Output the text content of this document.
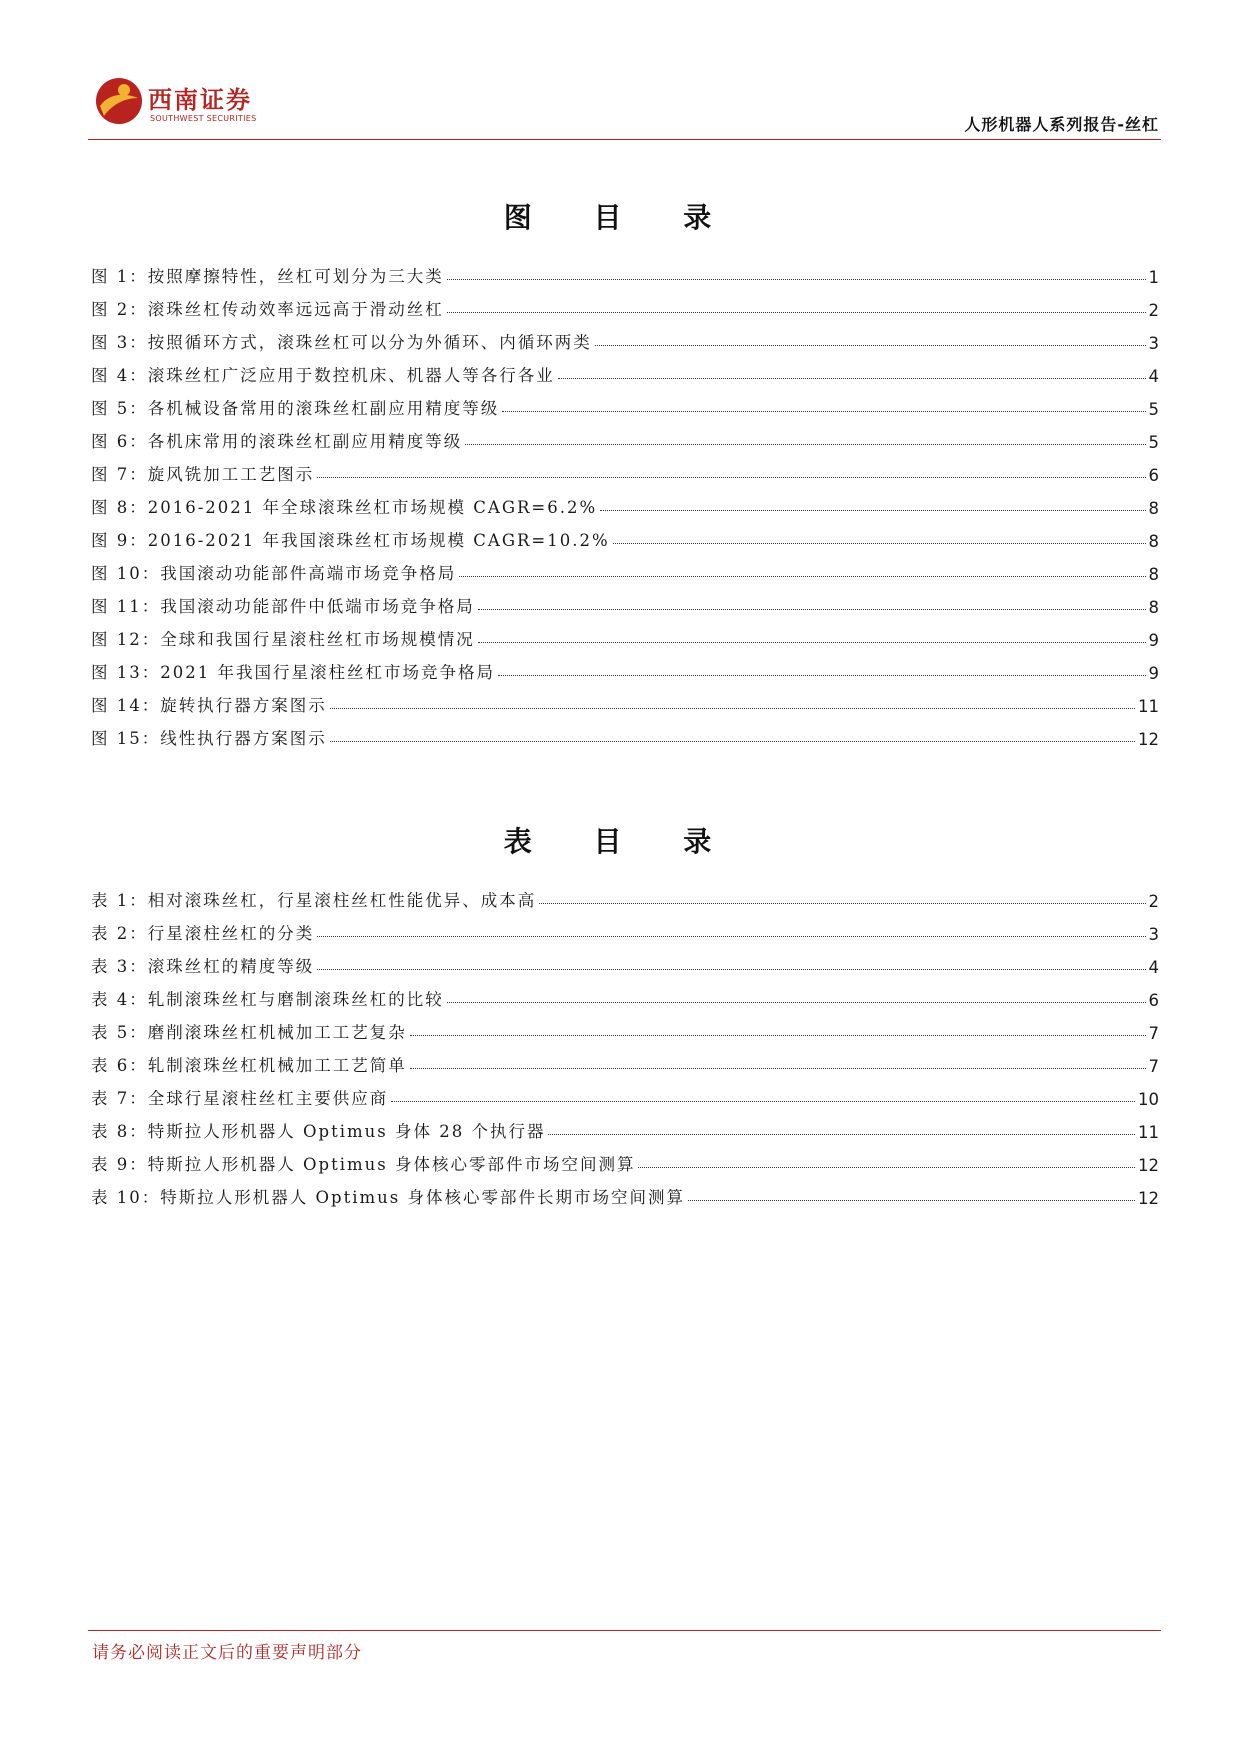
西南证券
SOUTHWEST SECURITIES	人形机器人系列报告-丝杠
图 目 录
图 1：按照摩擦特性，丝杠可划分为三大类	1
图 2：滚珠丝杠传动效率远远高于滑动丝杠	2
图 3：按照循环方式，滚珠丝杠可以分为外循环、内循环两类	3
图 4：滚珠丝杠广泛应用于数控机床、机器人等各行各业	4
图 5：各机械设备常用的滚珠丝杠副应用精度等级	5
图 6：各机床常用的滚珠丝杠副应用精度等级	5
图 7：旋风铣加工工艺图示	6
图 8：2016-2021 年全球滚珠丝杠市场规模 CAGR=6.2%	8
图 9：2016-2021 年我国滚珠丝杠市场规模 CAGR=10.2%	8
图 10：我国滚动功能部件高端市场竞争格局	8
图 11：我国滚动功能部件中低端市场竞争格局	8
图 12：全球和我国行星滚柱丝杠市场规模情况	9
图 13：2021 年我国行星滚柱丝杠市场竞争格局	9
图 14：旋转执行器方案图示	11
图 15：线性执行器方案图示	12
表 目 录
表 1：相对滚珠丝杠，行星滚柱丝杠性能优异、成本高	2
表 2：行星滚柱丝杠的分类	3
表 3：滚珠丝杠的精度等级	4
表 4：轧制滚珠丝杠与磨制滚珠丝杠的比较	6
表 5：磨削滚珠丝杠机械加工工艺复杂	7
表 6：轧制滚珠丝杠机械加工工艺简单	7
表 7：全球行星滚柱丝杠主要供应商	10
表 8：特斯拉人形机器人 Optimus 身体 28 个执行器	11
表 9：特斯拉人形机器人 Optimus 身体核心零部件市场空间测算	12
表 10：特斯拉人形机器人 Optimus 身体核心零部件长期市场空间测算	12
请务必阅读正文后的重要声明部分
